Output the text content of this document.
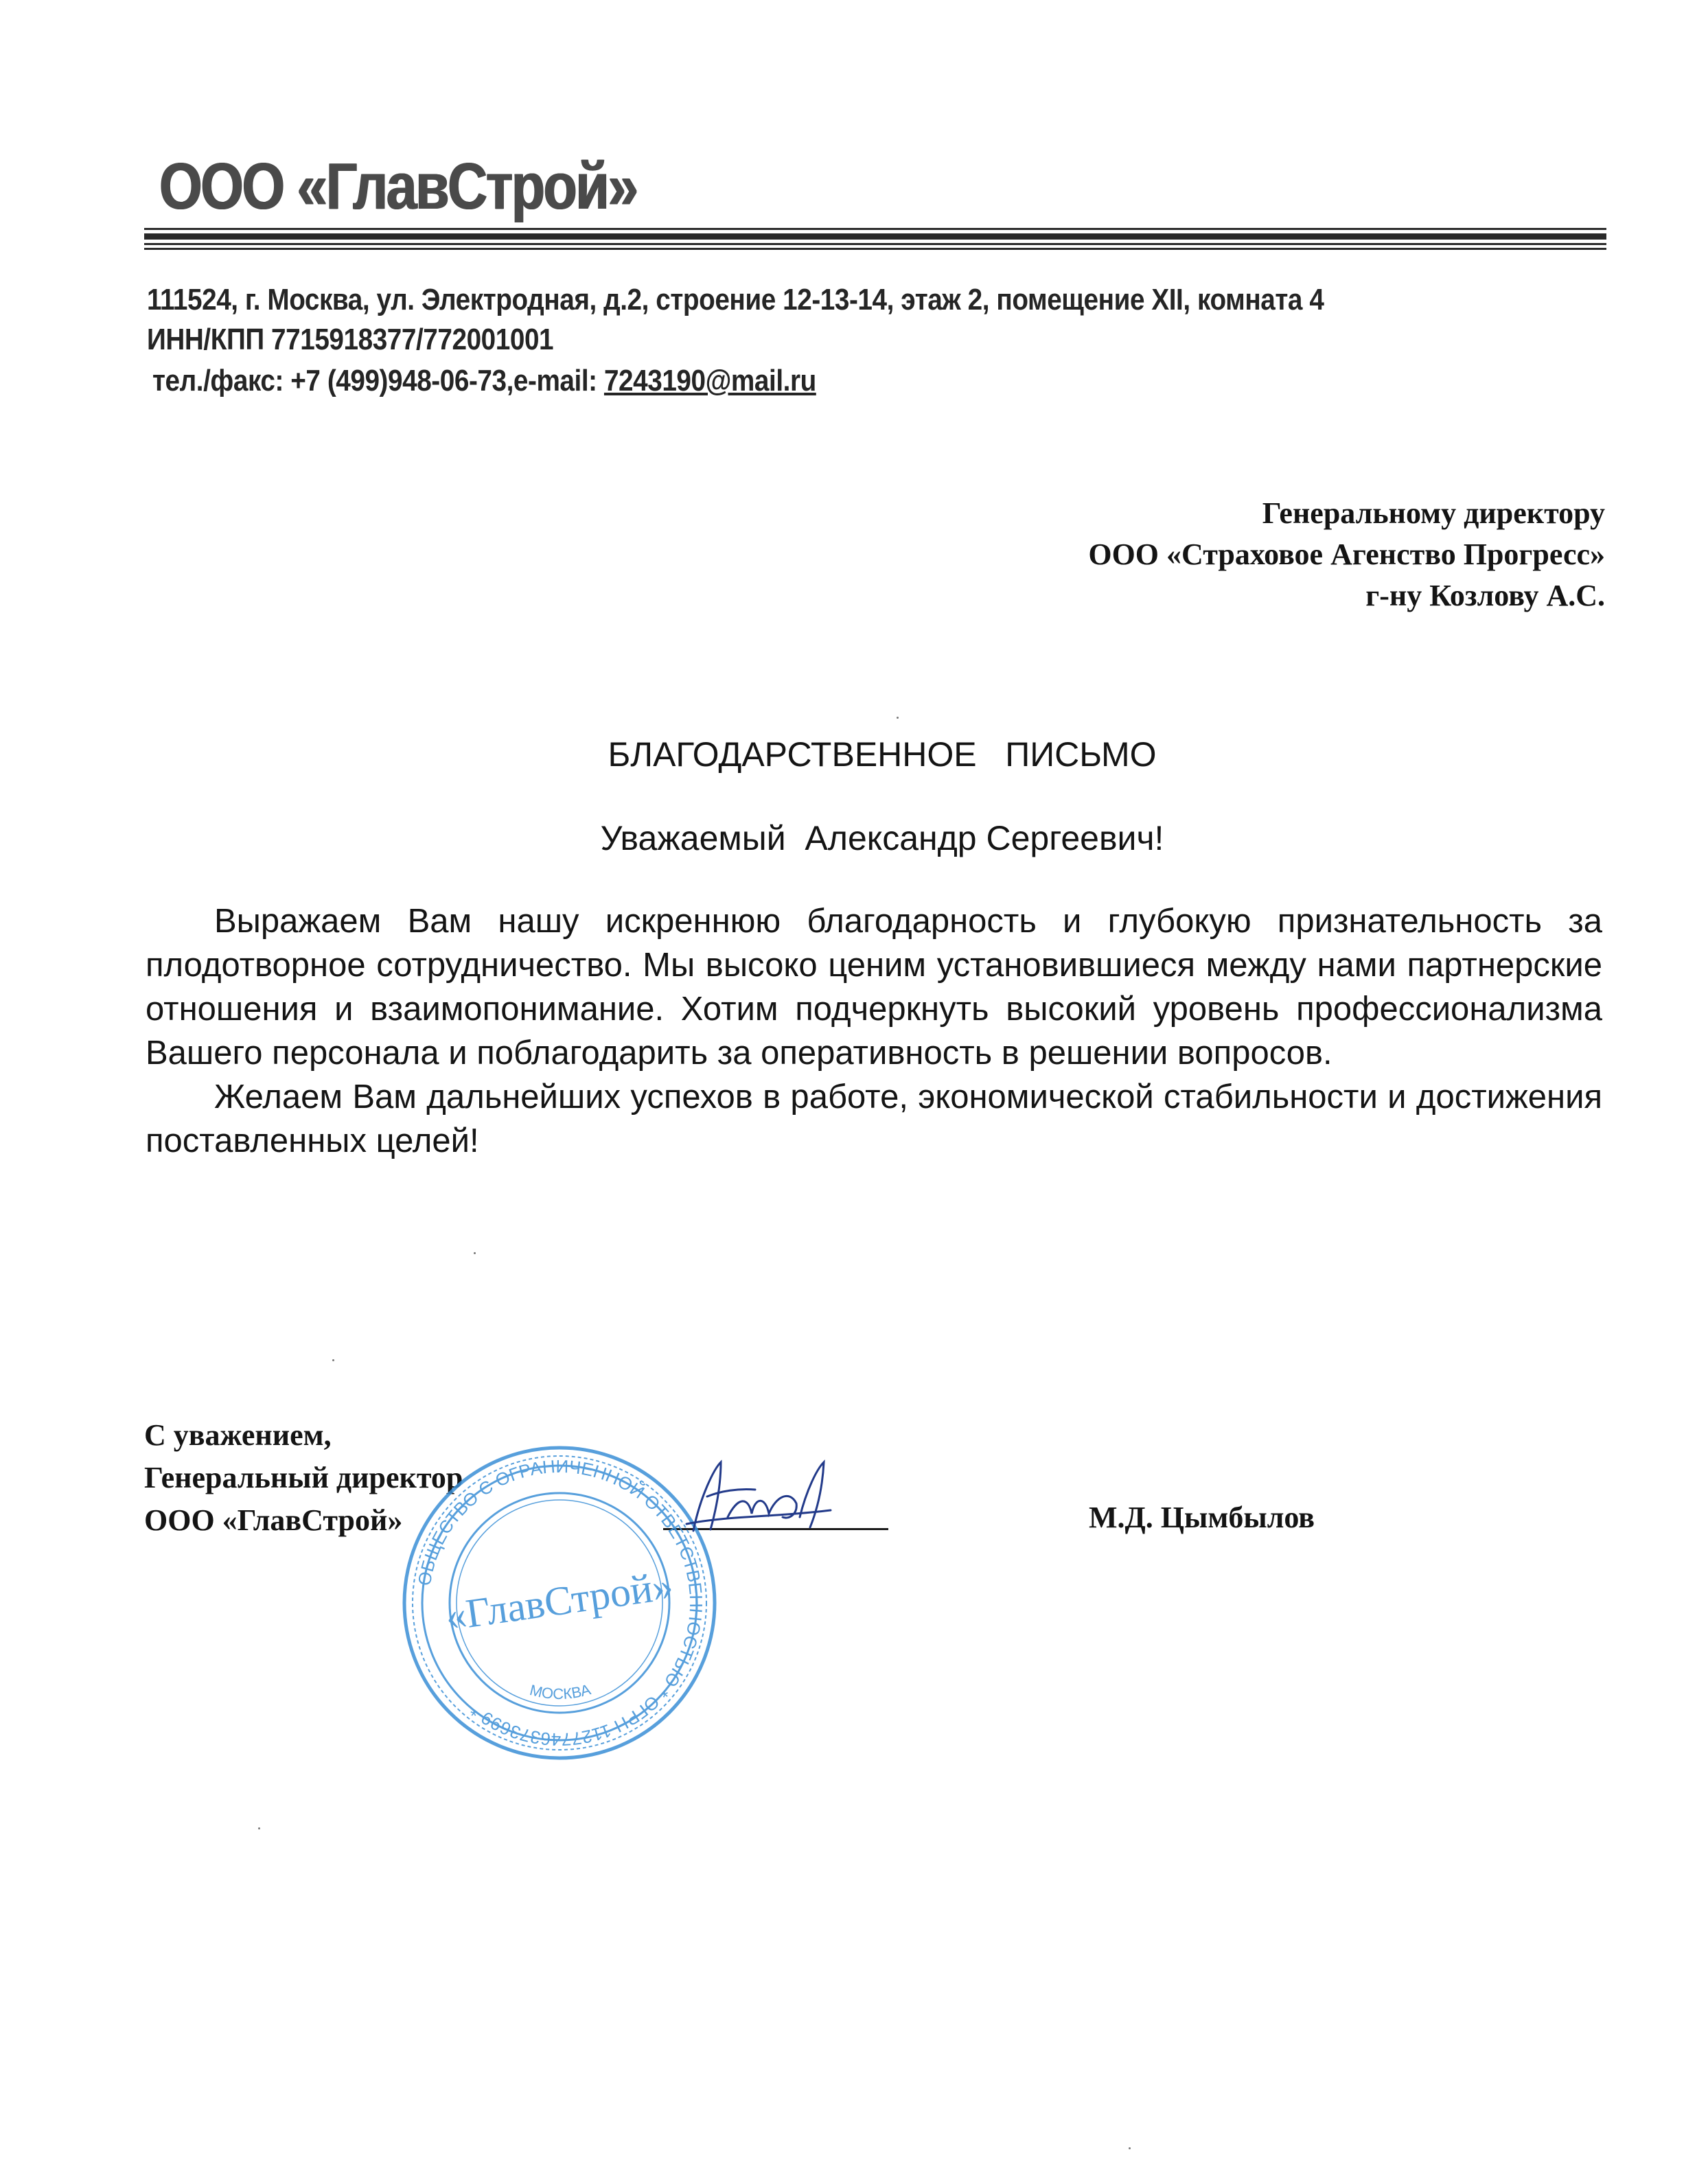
ООО «ГлавСтрой»
111524, г. Москва, ул. Электродная, д.2, строение 12-13-14, этаж 2, помещение XII, комната 4
ИНН/КПП 7715918377/772001001
тел./факс: +7 (499)948-06-73,e-mail: 7243190@mail.ru
Генеральному директору
ООО «Страховое Агенство Прогресс»
г-ну Козлову А.С.
БЛАГОДАРСТВЕННОЕ   ПИСЬМО
Уважаемый  Александр Сергеевич!

Выражаем Вам нашу искреннюю благодарность и глубокую признательность за плодотворное сотрудничество. Мы высоко ценим установившиеся между нами партнерские отношения и взаимопонимание. Хотим подчеркнуть высокий уровень профессионализма Вашего персонала и поблагодарить за оперативность в решении вопросов.

Желаем Вам дальнейших успехов в работе, экономической стабильности и достижения поставленных целей!

С уважением,
Генеральный директор
ООО «ГлавСтрой»	М.Д. Цымбылов
ОБЩЕСТВО С ОГРАНИЧЕННОЙ ОТВЕТСТВЕННОСТЬЮ * ОГРН 1127746373699 *
«ГлавСтрой»
МОСКВА
